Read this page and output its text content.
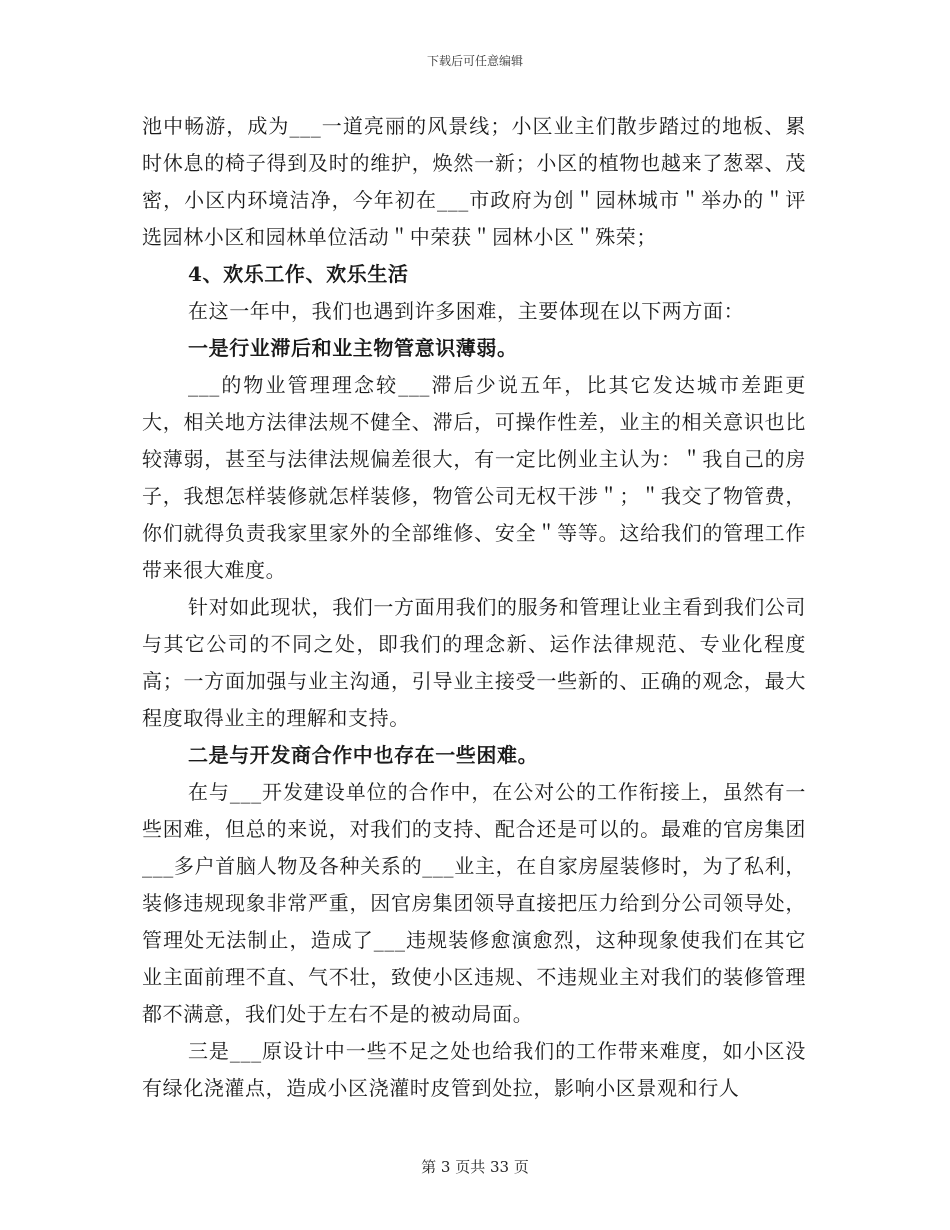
下载后可任意编辑

池中畅游，成为___一道亮丽的风景线；小区业主们散步踏过的地板、累时休息的椅子得到及时的维护，焕然一新；小区的植物也越来了葱翠、茂密，小区内环境洁净，今年初在___市政府为创＂园林城市＂举办的＂评选园林小区和园林单位活动＂中荣获＂园林小区＂殊荣；

4、欢乐工作、欢乐生活

在这一年中，我们也遇到许多困难，主要体现在以下两方面：

一是行业滞后和业主物管意识薄弱。

___的物业管理理念较___滞后少说五年，比其它发达城市差距更大，相关地方法律法规不健全、滞后，可操作性差，业主的相关意识也比较薄弱，甚至与法律法规偏差很大，有一定比例业主认为：＂我自己的房子，我想怎样装修就怎样装修，物管公司无权干涉＂；＂我交了物管费，你们就得负责我家里家外的全部维修、安全＂等等。这给我们的管理工作带来很大难度。

针对如此现状，我们一方面用我们的服务和管理让业主看到我们公司与其它公司的不同之处，即我们的理念新、运作法律规范、专业化程度高；一方面加强与业主沟通，引导业主接受一些新的、正确的观念，最大程度取得业主的理解和支持。

二是与开发商合作中也存在一些困难。

在与___开发建设单位的合作中，在公对公的工作衔接上，虽然有一些困难，但总的来说，对我们的支持、配合还是可以的。最难的官房集团___多户首脑人物及各种关系的___业主，在自家房屋装修时，为了私利，装修违规现象非常严重，因官房集团领导直接把压力给到分公司领导处，管理处无法制止，造成了___违规装修愈演愈烈，这种现象使我们在其它业主面前理不直、气不壮，致使小区违规、不违规业主对我们的装修管理都不满意，我们处于左右不是的被动局面。

三是___原设计中一些不足之处也给我们的工作带来难度，如小区没有绿化浇灌点，造成小区浇灌时皮管到处拉，影响小区景观和行人

第 3 页共 33 页
